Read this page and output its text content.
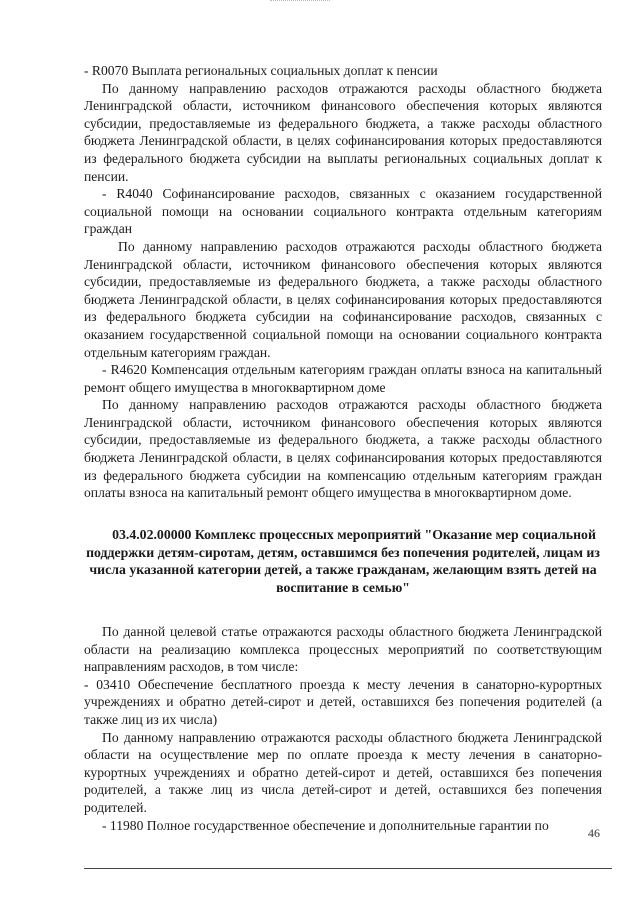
- R0070 Выплата региональных социальных доплат к пенсии

По данному направлению расходов отражаются расходы областного бюджета Ленинградской области, источником финансового обеспечения которых являются субсидии, предоставляемые из федерального бюджета, а также расходы областного бюджета Ленинградской области, в целях софинансирования которых предоставляются из федерального бюджета субсидии на выплаты региональных социальных доплат к пенсии.

- R4040 Софинансирование расходов, связанных с оказанием государственной социальной помощи на основании социального контракта отдельным категориям граждан

По данному направлению расходов отражаются расходы областного бюджета Ленинградской области, источником финансового обеспечения которых являются субсидии, предоставляемые из федерального бюджета, а также расходы областного бюджета Ленинградской области, в целях софинансирования которых предоставляются из федерального бюджета субсидии на софинансирование расходов, связанных с оказанием государственной социальной помощи на основании социального контракта отдельным категориям граждан.

- R4620 Компенсация отдельным категориям граждан оплаты взноса на капитальный ремонт общего имущества в многоквартирном доме

По данному направлению расходов отражаются расходы областного бюджета Ленинградской области, источником финансового обеспечения которых являются субсидии, предоставляемые из федерального бюджета, а также расходы областного бюджета Ленинградской области, в целях софинансирования которых предоставляются из федерального бюджета субсидии на компенсацию отдельным категориям граждан оплаты взноса на капитальный ремонт общего имущества в многоквартирном доме.

03.4.02.00000 Комплекс процессных мероприятий "Оказание мер социальной поддержки детям-сиротам, детям, оставшимся без попечения родителей, лицам из числа указанной категории детей, а также гражданам, желающим взять детей на воспитание в семью"

По данной целевой статье отражаются расходы областного бюджета Ленинградской области на реализацию комплекса процессных мероприятий по соответствующим направлениям расходов, в том числе:

- 03410 Обеспечение бесплатного проезда к месту лечения в санаторно-курортных учреждениях и обратно детей-сирот и детей, оставшихся без попечения родителей (а также лиц из их числа)

По данному направлению отражаются расходы областного бюджета Ленинградской области на осуществление мер по оплате проезда к месту лечения в санаторно-курортных учреждениях и обратно детей-сирот и детей, оставшихся без попечения родителей, а также лиц из числа детей-сирот и детей, оставшихся без попечения родителей.

- 11980 Полное государственное обеспечение и дополнительные гарантии по

46
